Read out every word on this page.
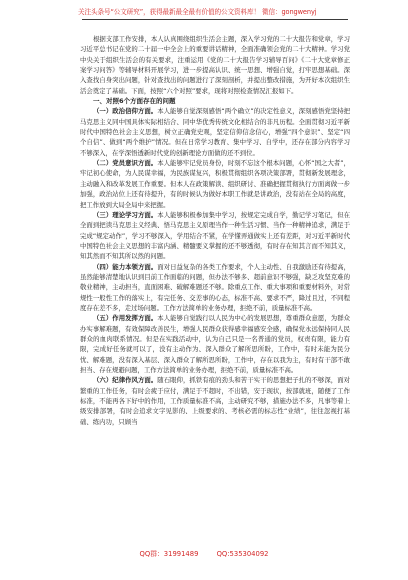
关注头条号“公文研究”，获得最新最全最有价值的公文资料库！ 微信：gongwenyj

根据支部工作安排，本人认真围绕组织生活会主题，深入学习党的二十大报告和党章，学习习近平总书记在党的二十届一中全会上的重要讲话精神，全面准确领会党的二十大精神。学习党中央关于组织生活会的有关要求，注重运用《党的二十大报告学习辅导百问》《二十大党章修正案学习问答》等辅导材料开展学习，进一步提高认识、统一思想、增强自觉，打牢思想基础。深入查找自身突出问题，针对查找出的问题进行了深刻剖析，并提出整改措施，为开好本次组织生活会奠定了基础。下面，按照“六个对照”要求，现将对照检查情况汇报如下。

一、对照6个方面存在的问题

（一）政治信仰方面。本人能够自觉深刻感悟“两个确立”的决定性意义，深刻感悟党坚持把马克思主义同中国具体实际相结合、同中华优秀传统文化相结合的非凡历程。全面贯彻习近平新时代中国特色社会主义思想，树立正确党史观，坚定信仰信念信心，增强“四个意识”、坚定“四个自信”、做到“两个维护”情况。但在日常学习教育、集中学习、自学中，还存在部分内容学习不够深入，在学深悟透新时代党的创新理论方面做的还不到位。

（二）党员意识方面。本人能够牢记党员身份，时刻不忘这个根本问题，心怀“国之大者”，牢记初心使命，为人民谋幸福，为民族谋复兴，积极贯彻组织各项决策部署，贯彻新发展理念，主动融入和改革发展工作重要。但本人在政策解读、组织研讨、准确把握贯彻执行方面离做一步加强，政治站位上还有待提升，有的时候认为做好本职工作就是讲政治，没有站在全局的高度，把工作放到大局全局中来把握。

（三）理论学习方面。本人能够积极参加集中学习，按规定完成自学，勤记学习笔记，但在全面到把读马克思主义经典、悟马克思主义原理当作一种生活习惯、当作一种精神追求，满足于完成“规定动作”，学习不够深入，学用结合不紧，在学懂弄通做实上还有差距，对习近平新时代中国特色社会主义思想的丰富内涵、精髓要义掌握的还不够透彻，有时存在知其言而不知其义，知其然而不知其所以然的问题。

（四）能力本领方面。面对日益复杂的各类工作要求，个人主动性、自我激励还有待提高，虽然能够清楚地认识到目前工作面临的问题，但办法不够多、超前意识不够强，缺乏攻坚克难的敬业精神，主动担当，直面困难、破解难题还不够。除重点工作、重大事项和重要材料外，对常规性一般性工作的落实上，有完任务、交差事的心态，标准不高、要求不严，降过且过，不同程度存在差不多，走过场问题。工作方法简单的业务办理，拒绝不前，质量标准不高。

（五）作用发挥方面。本人能够自觉践行以人民为中心的发展思想，尊重群众意愿，为群众办实事解难题，有效保障改善民生，增强人民群众获得感幸福感安全感，确保党永远保持同人民群众的血肉联系情况。但是在实践活动中，认为自己只是一名普通的党员，权责有限，能力有限，完成好任务就可以了，没有主动作为、深入群众了解所思所盼，工作中，有时未能为民分忧、解难题，没有深入基层、深入群众了解所思所盼，工作中，存在以我为主，有时有干部不敢担当、存在规避问题，工作方法简单的业务办理，拒绝不前，质量标准不高。

（六）纪律作风方面。随石眼仰，抓铁有痕的劲头和苦干实干的思想把子扎的不够深，面对繁重的工作任务，有时会疲于应付，满足于不超时，不出错，安于现状，按部就班，随便了工作标准，不能再各下好中的作用，工作质量标准不高，主动研究不够，措施办法不多，凡事等着上级安排部署，有时会追求文字见影的、上级要求的、考核必需的标志性“业绩”，往往忽视打基础、练内功，只顾当

QQ群：31991489	QQ:535304092
